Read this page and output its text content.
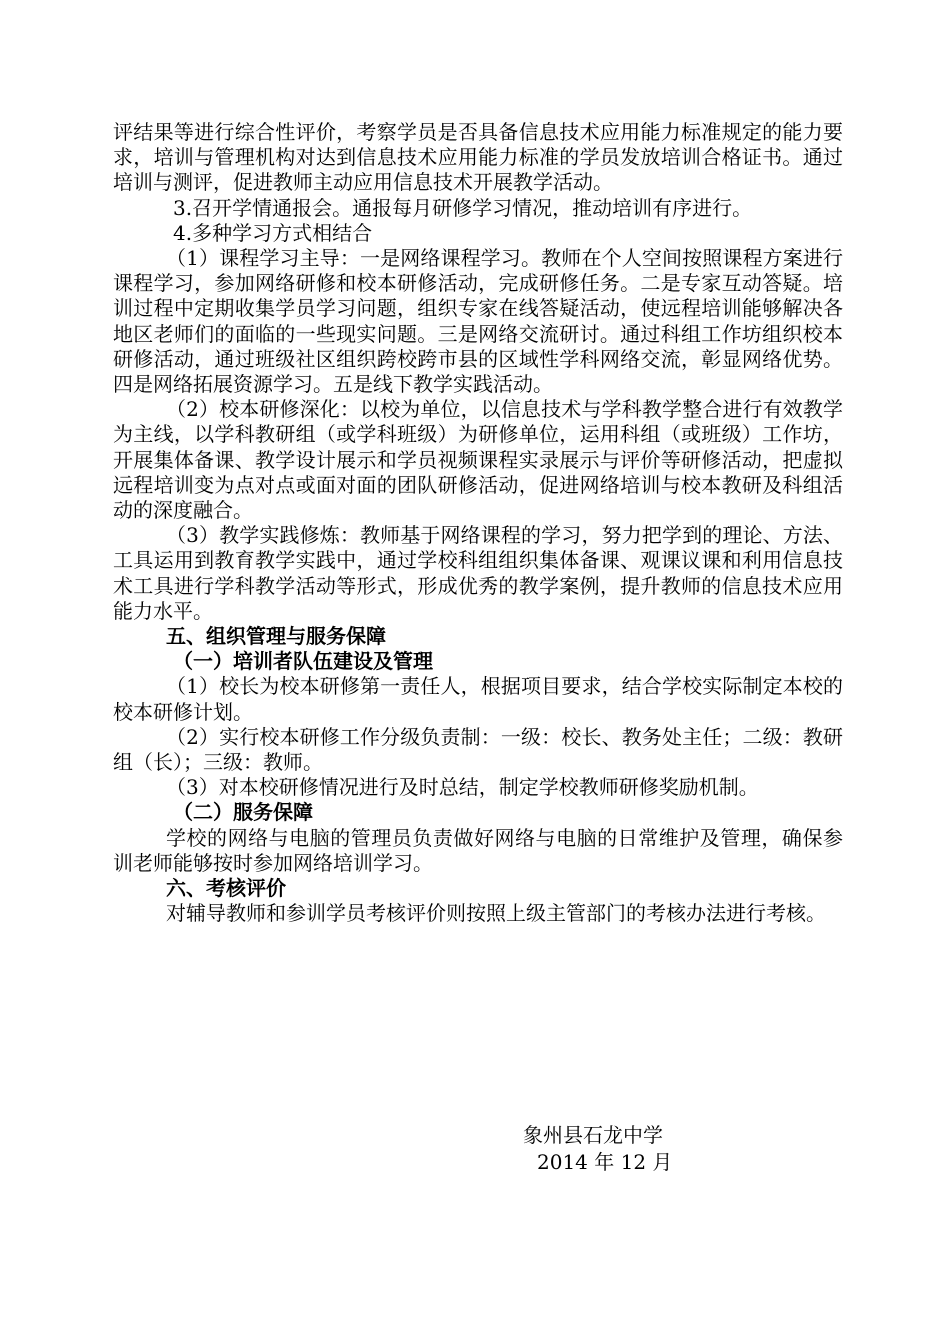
评结果等进行综合性评价，考察学员是否具备信息技术应用能力标准规定的能力要求，培训与管理机构对达到信息技术应用能力标准的学员发放培训合格证书。通过培训与测评，促进教师主动应用信息技术开展教学活动。

3.召开学情通报会。通报每月研修学习情况，推动培训有序进行。

4.多种学习方式相结合

（1）课程学习主导：一是网络课程学习。教师在个人空间按照课程方案进行课程学习，参加网络研修和校本研修活动，完成研修任务。二是专家互动答疑。培训过程中定期收集学员学习问题，组织专家在线答疑活动，使远程培训能够解决各地区老师们的面临的一些现实问题。三是网络交流研讨。通过科组工作坊组织校本研修活动，通过班级社区组织跨校跨市县的区域性学科网络交流，彰显网络优势。四是网络拓展资源学习。五是线下教学实践活动。

（2）校本研修深化：以校为单位，以信息技术与学科教学整合进行有效教学为主线，以学科教研组（或学科班级）为研修单位，运用科组（或班级）工作坊，开展集体备课、教学设计展示和学员视频课程实录展示与评价等研修活动，把虚拟远程培训变为点对点或面对面的团队研修活动，促进网络培训与校本教研及科组活动的深度融合。

（3）教学实践修炼：教师基于网络课程的学习，努力把学到的理论、方法、工具运用到教育教学实践中，通过学校科组组织集体备课、观课议课和利用信息技术工具进行学科教学活动等形式，形成优秀的教学案例，提升教师的信息技术应用能力水平。

五、组织管理与服务保障

（一）培训者队伍建设及管理

（1）校长为校本研修第一责任人，根据项目要求，结合学校实际制定本校的校本研修计划。

（2）实行校本研修工作分级负责制：一级：校长、教务处主任；二级：教研组（长）；三级：教师。

（3）对本校研修情况进行及时总结，制定学校教师研修奖励机制。

（二）服务保障

学校的网络与电脑的管理员负责做好网络与电脑的日常维护及管理，确保参训老师能够按时参加网络培训学习。

六、考核评价

对辅导教师和参训学员考核评价则按照上级主管部门的考核办法进行考核。

象州县石龙中学
2014 年 12 月
